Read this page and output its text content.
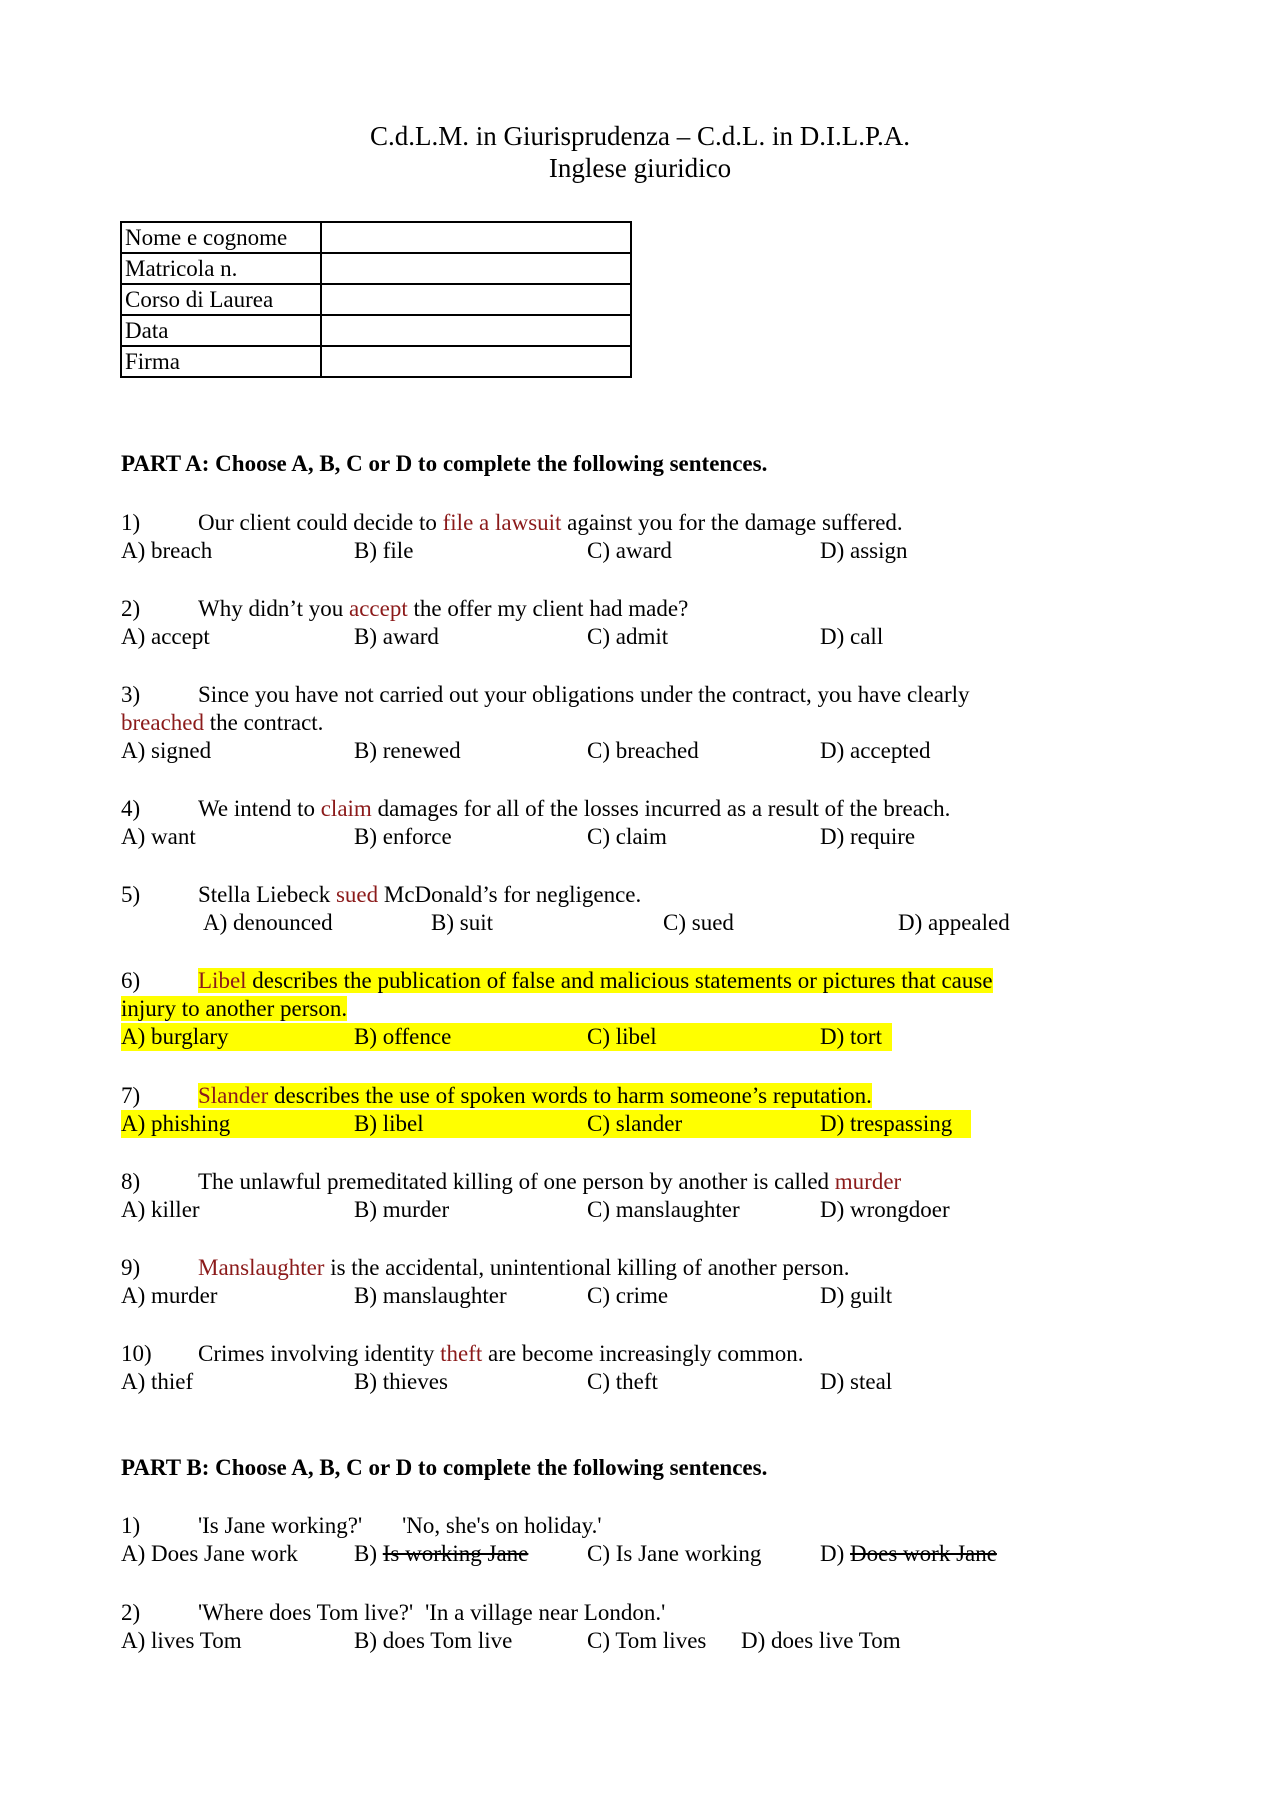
C.d.L.M. in Giurisprudenza – C.d.L. in D.I.L.P.A.
Inglese giuridico
Nome e cognome	
Matricola n.	
Corso di Laurea	
Data	
Firma	
PART A: Choose A, B, C or D to complete the following sentences.
1)	Our client could decide to file a lawsuit against you for the damage suffered.
A) breach	B) file	C) award	D) assign
2)	Why didn’t you accept the offer my client had made?
A) accept	B) award	C) admit	D) call
3)	Since you have not carried out your obligations under the contract, you have clearly
breached the contract.
A) signed	B) renewed	C) breached	D) accepted
4)	We intend to claim damages for all of the losses incurred as a result of the breach.
A) want	B) enforce	C) claim	D) require
5)	Stella Liebeck sued McDonald’s for negligence.
A) denounced	B) suit	C) sued	D) appealed
6)	Libel describes the publication of false and malicious statements or pictures that cause
injury to another person.
A) burglary	B) offence	C) libel	D) tort
7)	Slander describes the use of spoken words to harm someone’s reputation.
A) phishing	B) libel	C) slander	D) trespassing
8)	The unlawful premeditated killing of one person by another is called murder
A) killer	B) murder	C) manslaughter	D) wrongdoer
9)	Manslaughter is the accidental, unintentional killing of another person.
A) murder	B) manslaughter	C) crime	D) guilt
10) Crimes involving identity theft are become increasingly common.
A) thief	B) thieves	C) theft	D) steal
PART B: Choose A, B, C or D to complete the following sentences.
1)	'Is Jane working?' 'No, she's on holiday.'
A) Does Jane work B) Is working Jane	C) Is Jane working	D) Does work Jane
2)	'Where does Tom live?' 'In a village near London.'
A) lives Tom	B) does Tom live	C) Tom lives D) does live Tom
